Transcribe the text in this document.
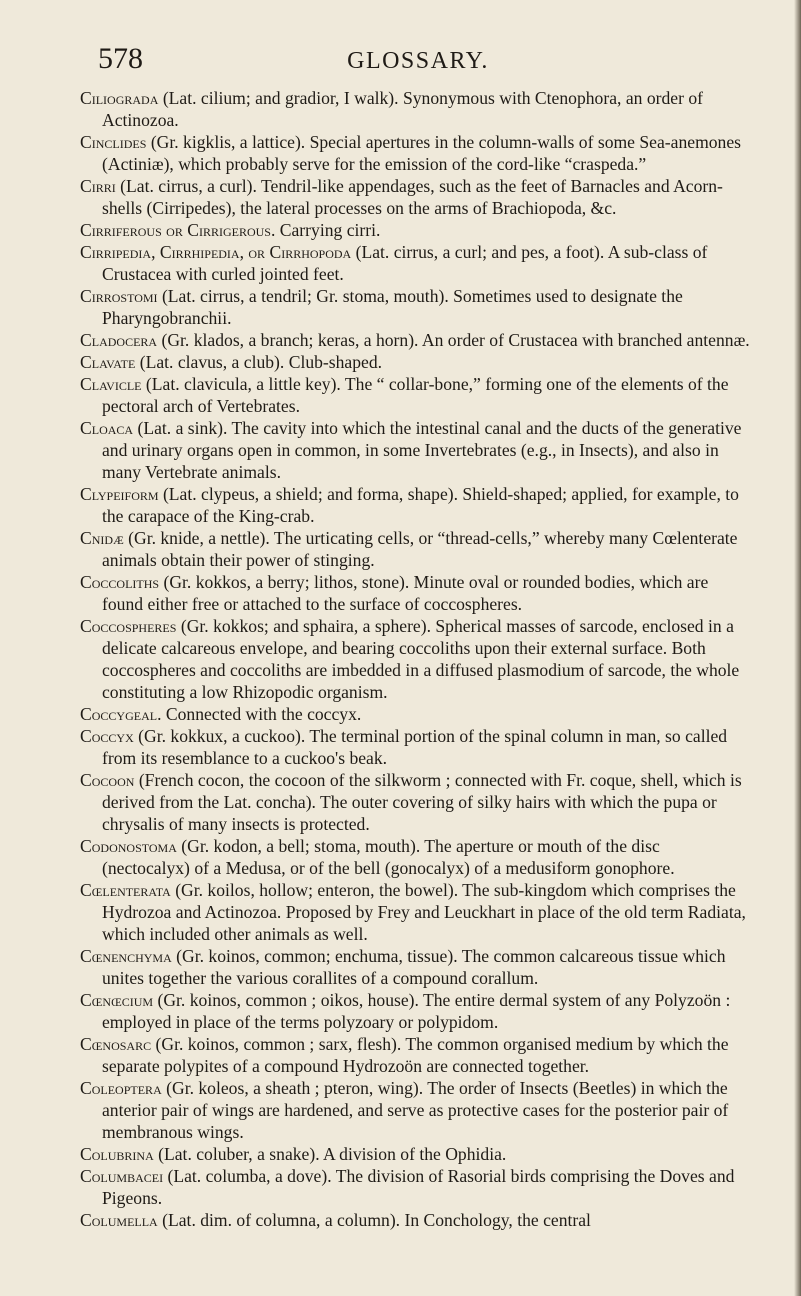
578	GLOSSARY.
Ciliograda (Lat. cilium; and gradior, I walk). Synonymous with Ctenophora, an order of Actinozoa.
Cinclides (Gr. kigklis, a lattice). Special apertures in the column-walls of some Sea-anemones (Actiniæ), which probably serve for the emission of the cord-like “craspeda.”
Cirri (Lat. cirrus, a curl). Tendril-like appendages, such as the feet of Barnacles and Acorn-shells (Cirripedes), the lateral processes on the arms of Brachiopoda, &c.
Cirriferous or Cirrigerous. Carrying cirri.
Cirripedia, Cirrhipedia, or Cirrhopoda (Lat. cirrus, a curl; and pes, a foot). A sub-class of Crustacea with curled jointed feet.
Cirrostomi (Lat. cirrus, a tendril; Gr. stoma, mouth). Sometimes used to designate the Pharyngobranchii.
Cladocera (Gr. klados, a branch; keras, a horn). An order of Crustacea with branched antennæ.
Clavate (Lat. clavus, a club). Club-shaped.
Clavicle (Lat. clavicula, a little key). The “ collar-bone,” forming one of the elements of the pectoral arch of Vertebrates.
Cloaca (Lat. a sink). The cavity into which the intestinal canal and the ducts of the generative and urinary organs open in common, in some Invertebrates (e.g., in Insects), and also in many Vertebrate animals.
Clypeiform (Lat. clypeus, a shield; and forma, shape). Shield-shaped; applied, for example, to the carapace of the King-crab.
Cnidæ (Gr. knide, a nettle). The urticating cells, or “thread-cells,” whereby many Cœlenterate animals obtain their power of stinging.
Coccoliths (Gr. kokkos, a berry; lithos, stone). Minute oval or rounded bodies, which are found either free or attached to the surface of coccospheres.
Coccospheres (Gr. kokkos; and sphaira, a sphere). Spherical masses of sarcode, enclosed in a delicate calcareous envelope, and bearing coccoliths upon their external surface. Both coccospheres and coccoliths are imbedded in a diffused plasmodium of sarcode, the whole constituting a low Rhizopodic organism.
Coccygeal. Connected with the coccyx.
Coccyx (Gr. kokkux, a cuckoo). The terminal portion of the spinal column in man, so called from its resemblance to a cuckoo's beak.
Cocoon (French cocon, the cocoon of the silkworm ; connected with Fr. coque, shell, which is derived from the Lat. concha). The outer covering of silky hairs with which the pupa or chrysalis of many insects is protected.
Codonostoma (Gr. kodon, a bell; stoma, mouth). The aperture or mouth of the disc (nectocalyx) of a Medusa, or of the bell (gonocalyx) of a medusiform gonophore.
Cœlenterata (Gr. koilos, hollow; enteron, the bowel). The sub-kingdom which comprises the Hydrozoa and Actinozoa. Proposed by Frey and Leuckhart in place of the old term Radiata, which included other animals as well.
Cœnenchyma (Gr. koinos, common; enchuma, tissue). The common calcareous tissue which unites together the various corallites of a compound corallum.
Cœnœcium (Gr. koinos, common ; oikos, house). The entire dermal system of any Polyzoön : employed in place of the terms polyzoary or polypidom.
Cœnosarc (Gr. koinos, common ; sarx, flesh). The common organised medium by which the separate polypites of a compound Hydrozoön are connected together.
Coleoptera (Gr. koleos, a sheath ; pteron, wing). The order of Insects (Beetles) in which the anterior pair of wings are hardened, and serve as protective cases for the posterior pair of membranous wings.
Colubrina (Lat. coluber, a snake). A division of the Ophidia.
Columbacei (Lat. columba, a dove). The division of Rasorial birds comprising the Doves and Pigeons.
Columella (Lat. dim. of columna, a column). In Conchology, the central
